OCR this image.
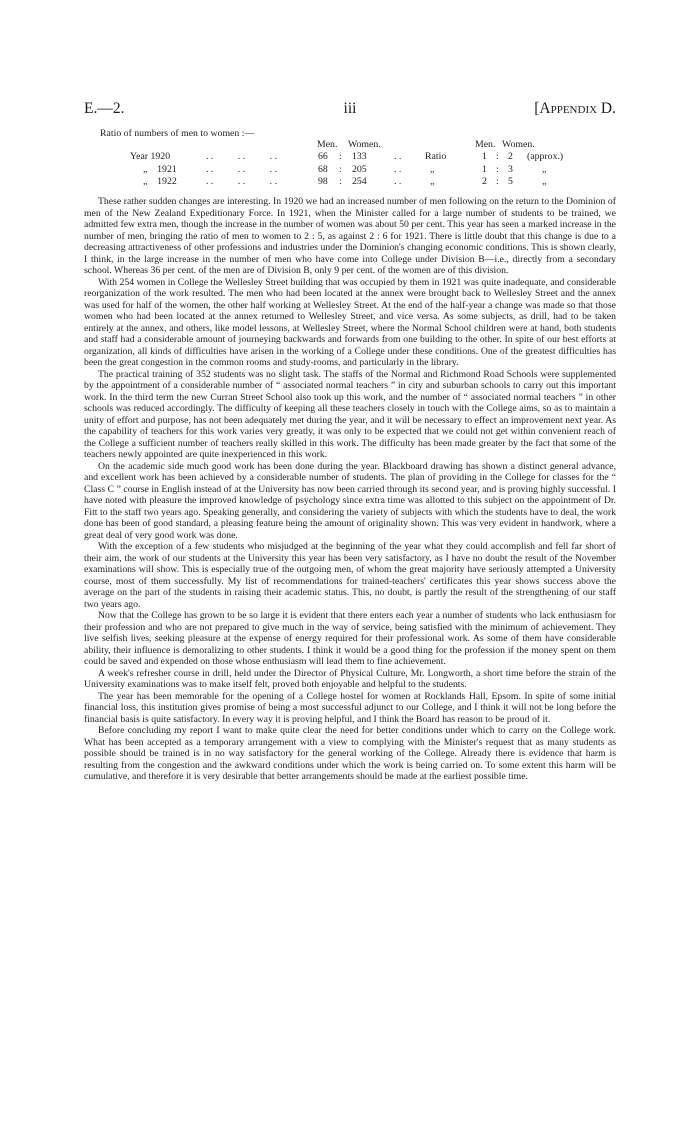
E.—2.	iii	[Appendix D.
Ratio of numbers of men to women :—
Men. Women.	Men. Women.
Year 1920	. .          . .          . .	66 : 133	. . Ratio	1 : 2 (approx.)
„    1921	. .          . .          . .	68 : 205	. .	„	1 : 3	„
„    1922	. .          . .          . .	98 : 254	. .	„	2 : 5	„

These rather sudden changes are interesting. In 1920 we had an increased number of men following on the return to the Dominion of men of the New Zealand Expeditionary Force. In 1921, when the Minister called for a large number of students to be trained, we admitted few extra men, though the increase in the number of women was about 50 per cent. This year has seen a marked increase in the number of men, bringing the ratio of men to women to 2 : 5, as against 2 : 6 for 1921. There is little doubt that this change is due to a decreasing attractiveness of other professions and industries under the Dominion's changing economic conditions. This is shown clearly, I think, in the large increase in the number of men who have come into College under Division B—i.e., directly from a secondary school. Whereas 36 per cent. of the men are of Division B, only 9 per cent. of the women are of this division.

With 254 women in College the Wellesley Street building that was occupied by them in 1921 was quite inadequate, and considerable reorganization of the work resulted. The men who had been located at the annex were brought back to Wellesley Street and the annex was used for half of the women, the other half working at Wellesley Street. At the end of the half-year a change was made so that those women who had been located at the annex returned to Wellesley Street, and vice versa. As some subjects, as drill, had to be taken entirely at the annex, and others, like model lessons, at Wellesley Street, where the Normal School children were at hand, both students and staff had a considerable amount of journeying backwards and forwards from one building to the other. In spite of our best efforts at organization, all kinds of difficulties have arisen in the working of a College under these conditions. One of the greatest difficulties has been the great congestion in the common rooms and study-rooms, and particularly in the library.

The practical training of 352 students was no slight task. The staffs of the Normal and Richmond Road Schools were supplemented by the appointment of a considerable number of “ associated normal teachers ” in city and suburban schools to carry out this important work. In the third term the new Curran Street School also took up this work, and the number of “ associated normal teachers ” in other schools was reduced accordingly. The difficulty of keeping all these teachers closely in touch with the College aims, so as to maintain a unity of effort and purpose, has not been adequately met during the year, and it will be necessary to effect an improvement next year. As the capability of teachers for this work varies very greatly, it was only to be expected that we could not get within convenient reach of the College a sufficient number of teachers really skilled in this work. The difficulty has been made greater by the fact that some of the teachers newly appointed are quite inexperienced in this work.

On the academic side much good work has been done during the year. Blackboard drawing has shown a distinct general advance, and excellent work has been achieved by a considerable number of students. The plan of providing in the College for classes for the “ Class C ” course in English instead of at the University has now been carried through its second year, and is proving highly successful. I have noted with pleasure the improved knowledge of psychology since extra time was allotted to this subject on the appointment of Dr. Fitt to the staff two years ago. Speaking generally, and considering the variety of subjects with which the students have to deal, the work done has been of good standard, a pleasing feature being the amount of originality shown. This was very evident in handwork, where a great deal of very good work was done.

With the exception of a few students who misjudged at the beginning of the year what they could accomplish and fell far short of their aim, the work of our students at the University this year has been very satisfactory, as I have no doubt the result of the November examinations will show. This is especially true of the outgoing men, of whom the great majority have seriously attempted a University course, most of them successfully. My list of recommendations for trained-teachers' certificates this year shows success above the average on the part of the students in raising their academic status. This, no doubt, is partly the result of the strengthening of our staff two years ago.

Now that the College has grown to be so large it is evident that there enters each year a number of students who lack enthusiasm for their profession and who are not prepared to give much in the way of service, being satisfied with the minimum of achievement. They live selfish lives, seeking pleasure at the expense of energy required for their professional work. As some of them have considerable ability, their influence is demoralizing to other students. I think it would be a good thing for the profession if the money spent on them could be saved and expended on those whose enthusiasm will lead them to fine achievement.

A week's refresher course in drill, held under the Director of Physical Culture, Mr. Longworth, a short time before the strain of the University examinations was to make itself felt, proved both enjoyable and helpful to the students.

The year has been memorable for the opening of a College hostel for women at Rocklands Hall, Epsom. In spite of some initial financial loss, this institution gives promise of being a most successful adjunct to our College, and I think it will not be long before the financial basis is quite satisfactory. In every way it is proving helpful, and I think the Board has reason to be proud of it.

Before concluding my report I want to make quite clear the need for better conditions under which to carry on the College work. What has been accepted as a temporary arrangement with a view to complying with the Minister's request that as many students as possible should be trained is in no way satisfactory for the general working of the College. Already there is evidence that harm is resulting from the congestion and the awkward conditions under which the work is being carried on. To some extent this harm will be cumulative, and therefore it is very desirable that better arrangements should be made at the earliest possible time.
